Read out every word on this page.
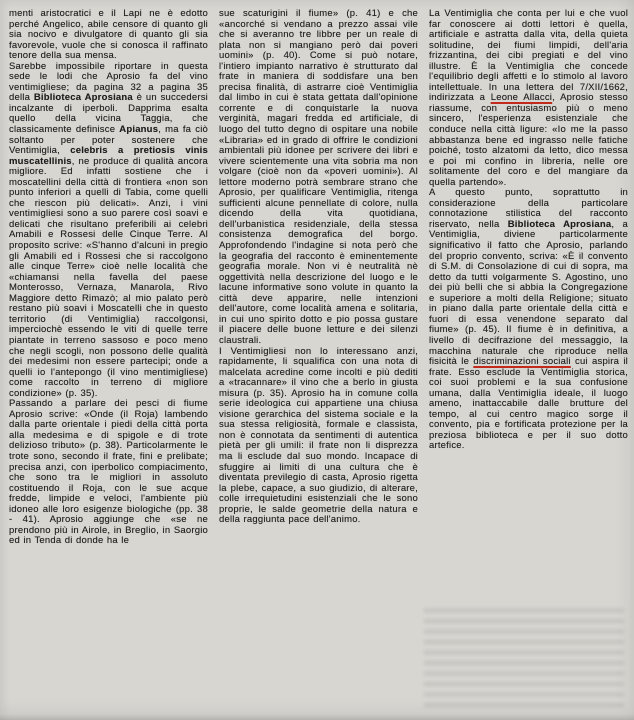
menti aristocratici e il Lapi ne è edotto perché Angelico, abile censore di quanto gli sia nocivo e divulgatore di quanto gli sia favorevole, vuole che si conosca il raffinato tenore della sua mensa.

Sarebbe impossibile riportare in questa sede le lodi che Aprosio fa del vino ventimigliese; da pagina 32 a pagina 35 della Biblioteca Aprosiana è un succedersi incalzante di iperboli. Dapprima esalta quello della vicina Taggia, che classicamente definisce Apianus, ma fa ciò soltanto per poter sostenere che Ventimiglia, celebris a pretiosis vinis muscatellinis, ne produce di qualità ancora migliore. Ed infatti sostiene che i moscatellini della città di frontiera «non son punto inferiori a quelli di Tabia, come quelli che riescon più delicati». Anzi, i vini ventimigliesi sono a suo parere così soavi e delicati che risultano preferibili ai celebri Amabili e Rossesi delle Cinque Terre. Al proposito scrive: «S'hanno d'alcuni in pregio gli Amabili ed i Rossesi che si raccolgono alle cinque Terre» cioè nelle località che «chiamansi nella favella del paese Monterosso, Vernaza, Manarola, Rivo Maggiore detto Rimazò; al mio palato però restano più soavi i Moscatelli che in questo territorio (di Ventimiglia) raccolgonsi, imperciochè essendo le viti di quelle terre piantate in terreno sassoso e poco meno che negli scogli, non possono delle qualità dei medesimi non essere partecipi; onde a quelli io l'antepongo (il vino mentimigliese) come raccolto in terreno di migliore condizione» (p. 35).

Passando a parlare dei pesci di fiume Aprosio scrive: «Onde (il Roja) lambendo dalla parte orientale i piedi della città porta alla medesima e di spigole e di trote delizioso tributo» (p. 38). Particolarmente le trote sono, secondo il frate, fini e prelibate; precisa anzi, con iperbolico compiacimento, che sono tra le migliori in assoluto costituendo il Roja, con le sue acque fredde, limpide e veloci, l'ambiente più idoneo alle loro esigenze biologiche (pp. 38 - 41). Aprosio aggiunge che «se ne prendono più in Airole, in Breglio, in Saorgio ed in Tenda di donde ha le

sue scaturigini il fiume» (p. 41) e che «ancorché si vendano a prezzo assai vile che si averanno tre libbre per un reale di plata non si mangiano però dai poveri uomini» (p. 40). Come si può notare, l'intiero impianto narrativo è strutturato dal frate in maniera di soddisfare una ben precisa finalità, di astrarre cioè Ventimiglia dal limbo in cui è stata gettata dall'opinione corrente e di conquistarle la nuova verginità, magari fredda ed artificiale, di luogo del tutto degno di ospitare una nobile «Libraria» ed in grado di offrire le condizioni ambientali più idonee per scrivere dei libri e vivere scientemente una vita sobria ma non volgare (cioè non da «poveri uomini»). Al lettore moderno potrà sembrare strano che Aprosio, per qualificare Ventimiglia, ritenga sufficienti alcune pennellate di colore, nulla dicendo della vita quotidiana, dell'urbanistica residenziale, della stessa consistenza demografica del borgo. Approfondendo l'indagine si nota però che la geografia del racconto è eminentemente geografia morale. Non vi è neutralità nè oggettività nella descrizione del luogo e le lacune informative sono volute in quanto la città deve apparire, nelle intenzioni dell'autore, come località amena e solitaria, in cui uno spirito dotto e pio possa gustare il piacere delle buone letture e dei silenzi claustrali.

I Ventimigliesi non lo interessano anzi, rapidamente, li squalifica con una nota di malcelata acredine come incolti e più dediti a «tracannare» il vino che a berlo in giusta misura (p. 35). Aprosio ha in comune colla serie ideologica cui appartiene una chiusa visione gerarchica del sistema sociale e la sua stessa religiosità, formale e classista, non è connotata da sentimenti di autentica pietà per gli umili: il frate non li disprezza ma li esclude dal suo mondo. Incapace di sfuggire ai limiti di una cultura che è diventata previlegio di casta, Aprosio rigetta la plebe, capace, a suo giudizio, di alterare, colle irrequietudini esistenziali che le sono proprie, le salde geometrie della natura e della raggiunta pace dell'animo.

La Ventimiglia che conta per lui e che vuol far conoscere ai dotti lettori è quella, artificiale e astratta dalla vita, della quieta solitudine, dei fiumi limpidi, dell'aria frizzantina, dei cibi pregiati e del vino illustre. È la Ventimiglia che concede l'equilibrio degli affetti e lo stimolo al lavoro intellettuale. In una lettera del 7/XII/1662, indirizzata a Leone Allacci, Aprosio stesso riassume, con entusiasmo più o meno sincero, l'esperienza esistenziale che conduce nella città ligure: «Io me la passo abbastanza bene ed ingrasso nelle fatiche poiché, tosto alzatomi da letto, dico messa e poi mi confino in libreria, nelle ore solitamente del coro e del mangiare da quella partendo».

A questo punto, soprattutto in considerazione della particolare connotazione stilistica del racconto riservato, nella Biblioteca Aprosiana, a Ventimiglia, diviene particolarmente significativo il fatto che Aprosio, parlando del proprio convento, scriva: «È il convento di S.M. di Consolazione di cui di sopra, ma detto da tutti volgarmente S. Agostino, uno dei più belli che si abbia la Congregazione e superiore a molti della Religione; situato in piano dalla parte orientale della città e fuori di essa venendone separato dal fiume» (p. 45). Il fiume è in definitiva, a livello di decifrazione del messaggio, la macchina naturale che riproduce nella fisicità le discriminazioni sociali cui aspira il frate. Esso esclude la Ventimiglia storica, coi suoi problemi e la sua confusione umana, dalla Ventimiglia ideale, il luogo ameno, inattaccabile dalle brutture del tempo, al cui centro magico sorge il convento, pia e fortificata protezione per la preziosa biblioteca e per il suo dotto artefice.
